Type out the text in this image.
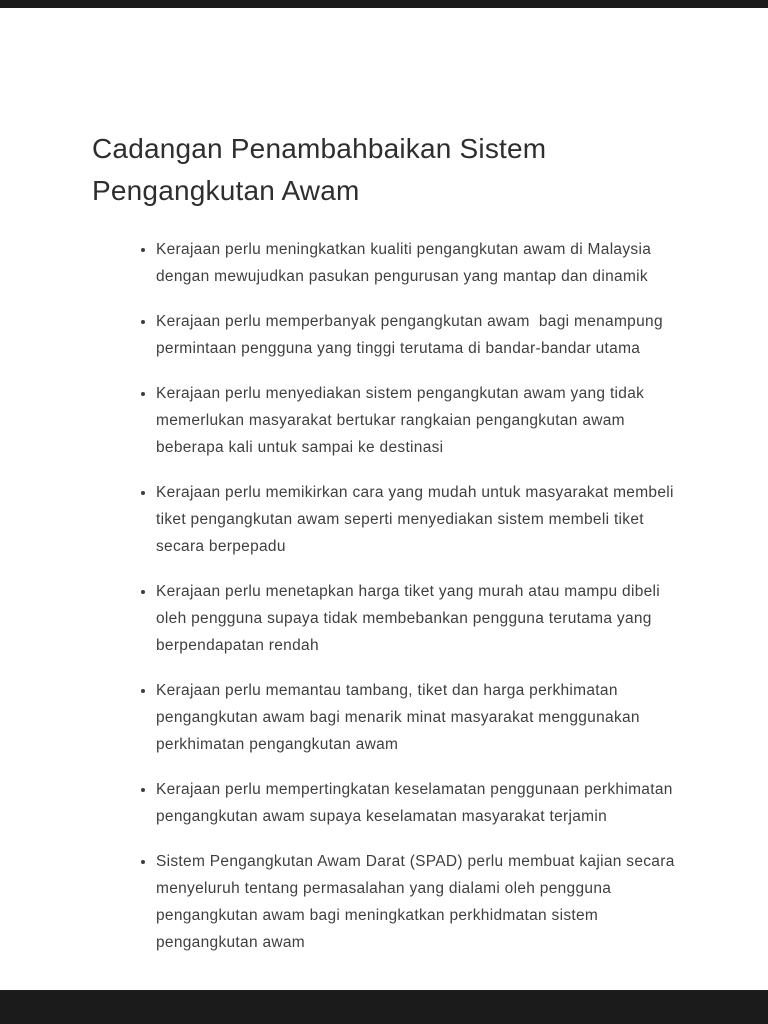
Cadangan Penambahbaikan Sistem Pengangkutan Awam
• Kerajaan perlu meningkatkan kualiti pengangkutan awam di Malaysia dengan mewujudkan pasukan pengurusan yang mantap dan dinamik
• Kerajaan perlu memperbanyak pengangkutan awam  bagi menampung permintaan pengguna yang tinggi terutama di bandar-bandar utama
• Kerajaan perlu menyediakan sistem pengangkutan awam yang tidak memerlukan masyarakat bertukar rangkaian pengangkutan awam beberapa kali untuk sampai ke destinasi
• Kerajaan perlu memikirkan cara yang mudah untuk masyarakat membeli tiket pengangkutan awam seperti menyediakan sistem membeli tiket secara berpepadu
• Kerajaan perlu menetapkan harga tiket yang murah atau mampu dibeli oleh pengguna supaya tidak membebankan pengguna terutama yang berpendapatan rendah
• Kerajaan perlu memantau tambang, tiket dan harga perkhimatan pengangkutan awam bagi menarik minat masyarakat menggunakan perkhimatan pengangkutan awam
• Kerajaan perlu mempertingkatan keselamatan penggunaan perkhimatan pengangkutan awam supaya keselamatan masyarakat terjamin
• Sistem Pengangkutan Awam Darat (SPAD) perlu membuat kajian secara menyeluruh tentang permasalahan yang dialami oleh pengguna pengangkutan awam bagi meningkatkan perkhidmatan sistem pengangkutan awam
